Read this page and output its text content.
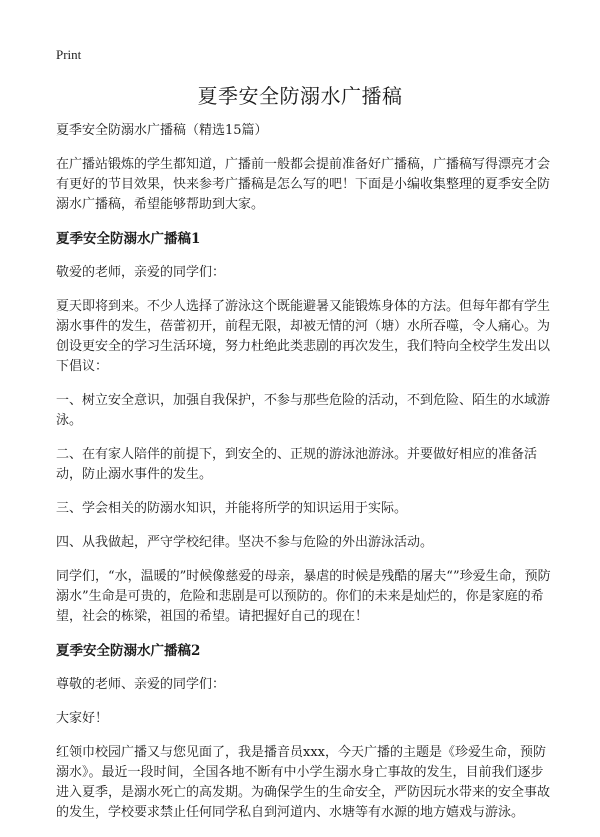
Print
夏季安全防溺水广播稿

夏季安全防溺水广播稿（精选15篇）

在广播站锻炼的学生都知道，广播前一般都会提前准备好广播稿，广播稿写得漂亮才会有更好的节目效果，快来参考广播稿是怎么写的吧！下面是小编收集整理的夏季安全防溺水广播稿，希望能够帮助到大家。

夏季安全防溺水广播稿1

敬爱的老师，亲爱的同学们：

夏天即将到来。不少人选择了游泳这个既能避暑又能锻炼身体的方法。但每年都有学生溺水事件的发生，蓓蕾初开，前程无限，却被无情的河（塘）水所吞噬，令人痛心。为创设更安全的学习生活环境，努力杜绝此类悲剧的再次发生，我们特向全校学生发出以下倡议：

一、树立安全意识，加强自我保护，不参与那些危险的活动，不到危险、陌生的水域游泳。

二、在有家人陪伴的前提下，到安全的、正规的游泳池游泳。并要做好相应的准备活动，防止溺水事件的发生。

三、学会相关的防溺水知识，并能将所学的知识运用于实际。

四、从我做起，严守学校纪律。坚决不参与危险的外出游泳活动。

同学们，“水，温暖的”时候像慈爱的母亲，暴虐的时候是残酷的屠夫“”珍爱生命，预防溺水”生命是可贵的，危险和悲剧是可以预防的。你们的未来是灿烂的，你是家庭的希望，社会的栋梁，祖国的希望。请把握好自己的现在！

夏季安全防溺水广播稿2

尊敬的老师、亲爱的同学们：

大家好！

红领巾校园广播又与您见面了，我是播音员xxx，今天广播的主题是《珍爱生命，预防溺水》。最近一段时间，全国各地不断有中小学生溺水身亡事故的发生，目前我们逐步进入夏季，是溺水死亡的高发期。为确保学生的生命安全，严防因玩水带来的安全事故的发生，学校要求禁止任何同学私自到河道内、水塘等有水源的地方嬉戏与游泳。
